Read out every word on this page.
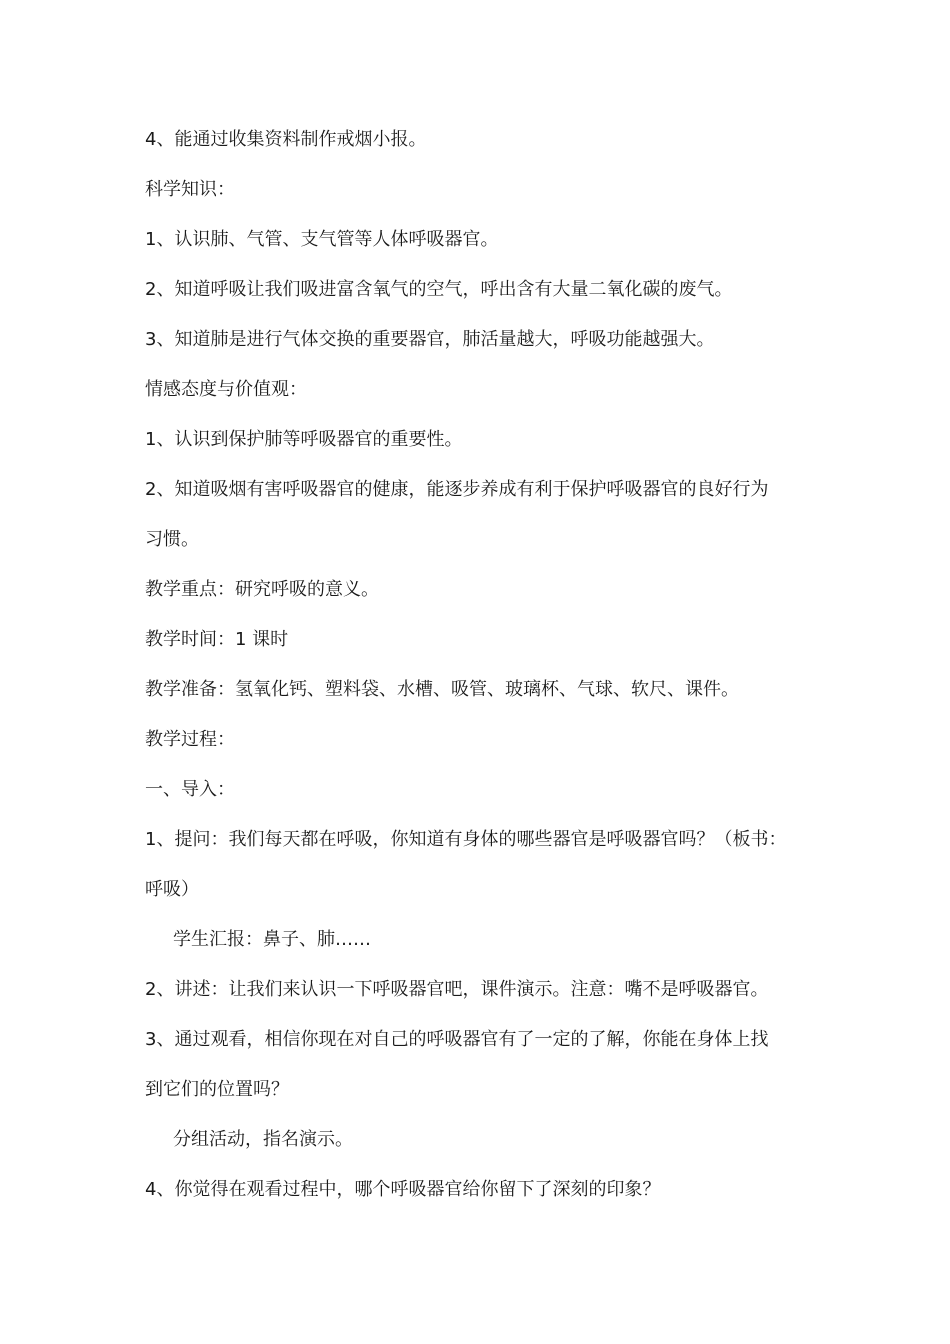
4、能通过收集资料制作戒烟小报。
科学知识：
1、认识肺、气管、支气管等人体呼吸器官。
2、知道呼吸让我们吸进富含氧气的空气，呼出含有大量二氧化碳的废气。
3、知道肺是进行气体交换的重要器官，肺活量越大，呼吸功能越强大。
情感态度与价值观：
1、认识到保护肺等呼吸器官的重要性。
2、知道吸烟有害呼吸器官的健康，能逐步养成有利于保护呼吸器官的良好行为
习惯。
教学重点：研究呼吸的意义。
教学时间：1 课时
教学准备：氢氧化钙、塑料袋、水槽、吸管、玻璃杯、气球、软尺、课件。
教学过程：
一、导入：
1、提问：我们每天都在呼吸，你知道有身体的哪些器官是呼吸器官吗？（板书：
呼吸）
学生汇报：鼻子、肺……
2、讲述：让我们来认识一下呼吸器官吧，课件演示。注意：嘴不是呼吸器官。
3、通过观看，相信你现在对自己的呼吸器官有了一定的了解，你能在身体上找
到它们的位置吗？
分组活动，指名演示。
4、你觉得在观看过程中，哪个呼吸器官给你留下了深刻的印象？
